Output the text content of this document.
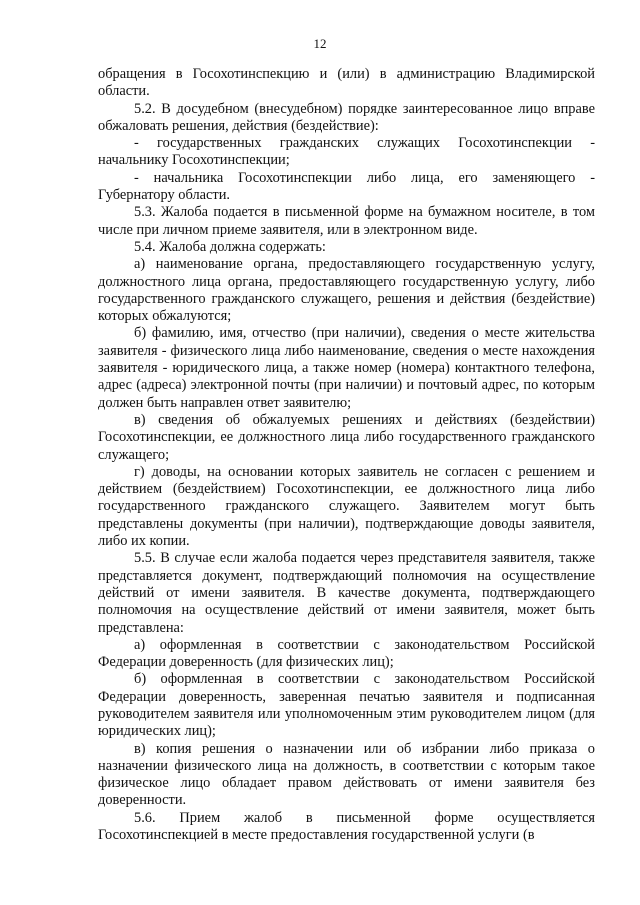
12

обращения в Госохотинспекцию и (или) в администрацию Владимирской области.

5.2. В досудебном (внесудебном) порядке заинтересованное лицо вправе обжаловать решения, действия (бездействие):

- государственных гражданских служащих Госохотинспекции - начальнику Госохотинспекции;

- начальника Госохотинспекции либо лица, его заменяющего - Губернатору области.

5.3. Жалоба подается в письменной форме на бумажном носителе, в том числе при личном приеме заявителя, или в электронном виде.

5.4. Жалоба должна содержать:

а) наименование органа, предоставляющего государственную услугу, должностного лица органа, предоставляющего государственную услугу, либо государственного гражданского служащего, решения и действия (бездействие) которых обжалуются;

б) фамилию, имя, отчество (при наличии), сведения о месте жительства заявителя - физического лица либо наименование, сведения о месте нахождения заявителя - юридического лица, а также номер (номера) контактного телефона, адрес (адреса) электронной почты (при наличии) и почтовый адрес, по которым должен быть направлен ответ заявителю;

в) сведения об обжалуемых решениях и действиях (бездействии) Госохотинспекции, ее должностного лица либо государственного гражданского служащего;

г) доводы, на основании которых заявитель не согласен с решением и действием (бездействием) Госохотинспекции, ее должностного лица либо государственного гражданского служащего. Заявителем могут быть представлены документы (при наличии), подтверждающие доводы заявителя, либо их копии.

5.5. В случае если жалоба подается через представителя заявителя, также представляется документ, подтверждающий полномочия на осуществление действий от имени заявителя. В качестве документа, подтверждающего полномочия на осуществление действий от имени заявителя, может быть представлена:

а) оформленная в соответствии с законодательством Российской Федерации доверенность (для физических лиц);

б) оформленная в соответствии с законодательством Российской Федерации доверенность, заверенная печатью заявителя и подписанная руководителем заявителя или уполномоченным этим руководителем лицом (для юридических лиц);

в) копия решения о назначении или об избрании либо приказа о назначении физического лица на должность, в соответствии с которым такое физическое лицо обладает правом действовать от имени заявителя без доверенности.

5.6. Прием жалоб в письменной форме осуществляется Госохотинспекцией в месте предоставления государственной услуги (в
